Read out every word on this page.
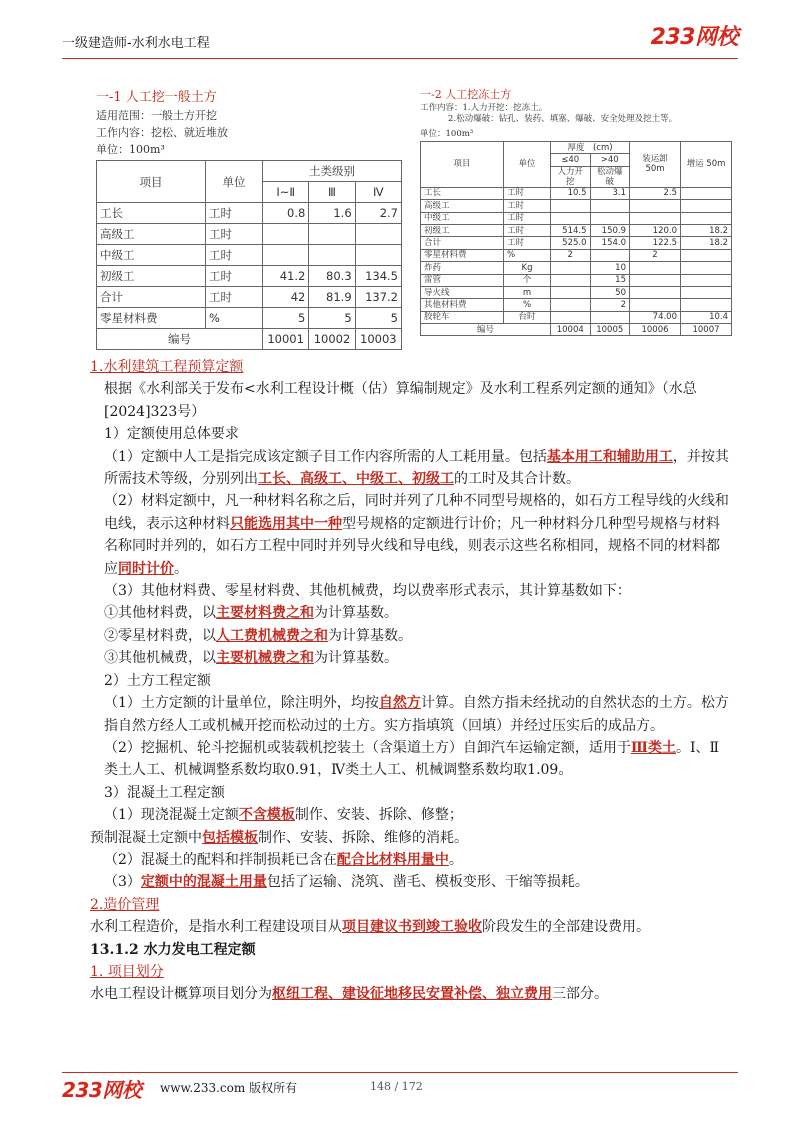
一级建造师-水利水电工程	233网校
一-1 人工挖一般土方
适用范围：一般土方开挖
工作内容：挖松、就近堆放
单位：100m³
项目	单位	土类级别		
		Ⅰ~Ⅱ	Ⅲ	Ⅳ
工长	工时	0.8	1.6	2.7
高级工	工时			
中级工	工时			
初级工	工时	41.2	80.3	134.5
合计	工时	42	81.9	137.2
零星材料费	%	5	5	5
编号		10001	10002	10003
一-2 人工挖冻土方
工作内容：1.人力开挖：挖冻土。
2.松动爆破：钻孔、装药、填塞、爆破、安全处理及挖土等。
单位：100m³
项目	单位	厚度　(cm)		装运卸 50m	增运 50m
		≤40	>40		
		人力开挖	松动爆破		
工长	工时	10.5	3.1	2.5	
高级工	工时				
中级工	工时				
初级工	工时	514.5	150.9	120.0	18.2
合计	工时	525.0	154.0	122.5	18.2
零星材料费	%	2		2	
炸药	Kg		10		
雷管	个		15		
导火线	m		50		
其他材料费	%		2		
胶轮车	台时			74.00	10.4
编号		10004	10005	10006	10007

1.水利建筑工程预算定额

根据《水利部关于发布<水利工程设计概（估）算编制规定》及水利工程系列定额的通知》（水总[2024]323号）

1）定额使用总体要求

（1）定额中人工是指完成该定额子目工作内容所需的人工耗用量。包括基本用工和辅助用工，并按其所需技术等级，分别列出工长、高级工、中级工、初级工的工时及其合计数。

（2）材料定额中，凡一种材料名称之后，同时并列了几种不同型号规格的，如石方工程导线的火线和电线，表示这种材料只能选用其中一种型号规格的定额进行计价；凡一种材料分几种型号规格与材料名称同时并列的，如石方工程中同时并列导火线和导电线，则表示这些名称相同，规格不同的材料都应同时计价。

（3）其他材料费、零星材料费、其他机械费，均以费率形式表示，其计算基数如下：

①其他材料费，以主要材料费之和为计算基数。

②零星材料费，以人工费机械费之和为计算基数。

③其他机械费，以主要机械费之和为计算基数。

2）土方工程定额

（1）土方定额的计量单位，除注明外，均按自然方计算。自然方指未经扰动的自然状态的土方。松方指自然方经人工或机械开挖而松动过的土方。实方指填筑（回填）并经过压实后的成品方。

（2）挖掘机、轮斗挖掘机或装载机挖装土（含渠道土方）自卸汽车运输定额，适用于Ⅲ类土。Ⅰ、Ⅱ类土人工、机械调整系数均取0.91，Ⅳ类土人工、机械调整系数均取1.09。

3）混凝土工程定额

（1）现浇混凝土定额不含模板制作、安装、拆除、修整；

预制混凝土定额中包括模板制作、安装、拆除、维修的消耗。

（2）混凝土的配料和拌制损耗已含在配合比材料用量中。

（3）定额中的混凝土用量包括了运输、浇筑、凿毛、模板变形、干缩等损耗。

2.造价管理

水利工程造价，是指水利工程建设项目从项目建议书到竣工验收阶段发生的全部建设费用。

13.1.2 水力发电工程定额

1. 项目划分

水电工程设计概算项目划分为枢纽工程、建设征地移民安置补偿、独立费用三部分。

233网校 www.233.com 版权所有	148 / 172
